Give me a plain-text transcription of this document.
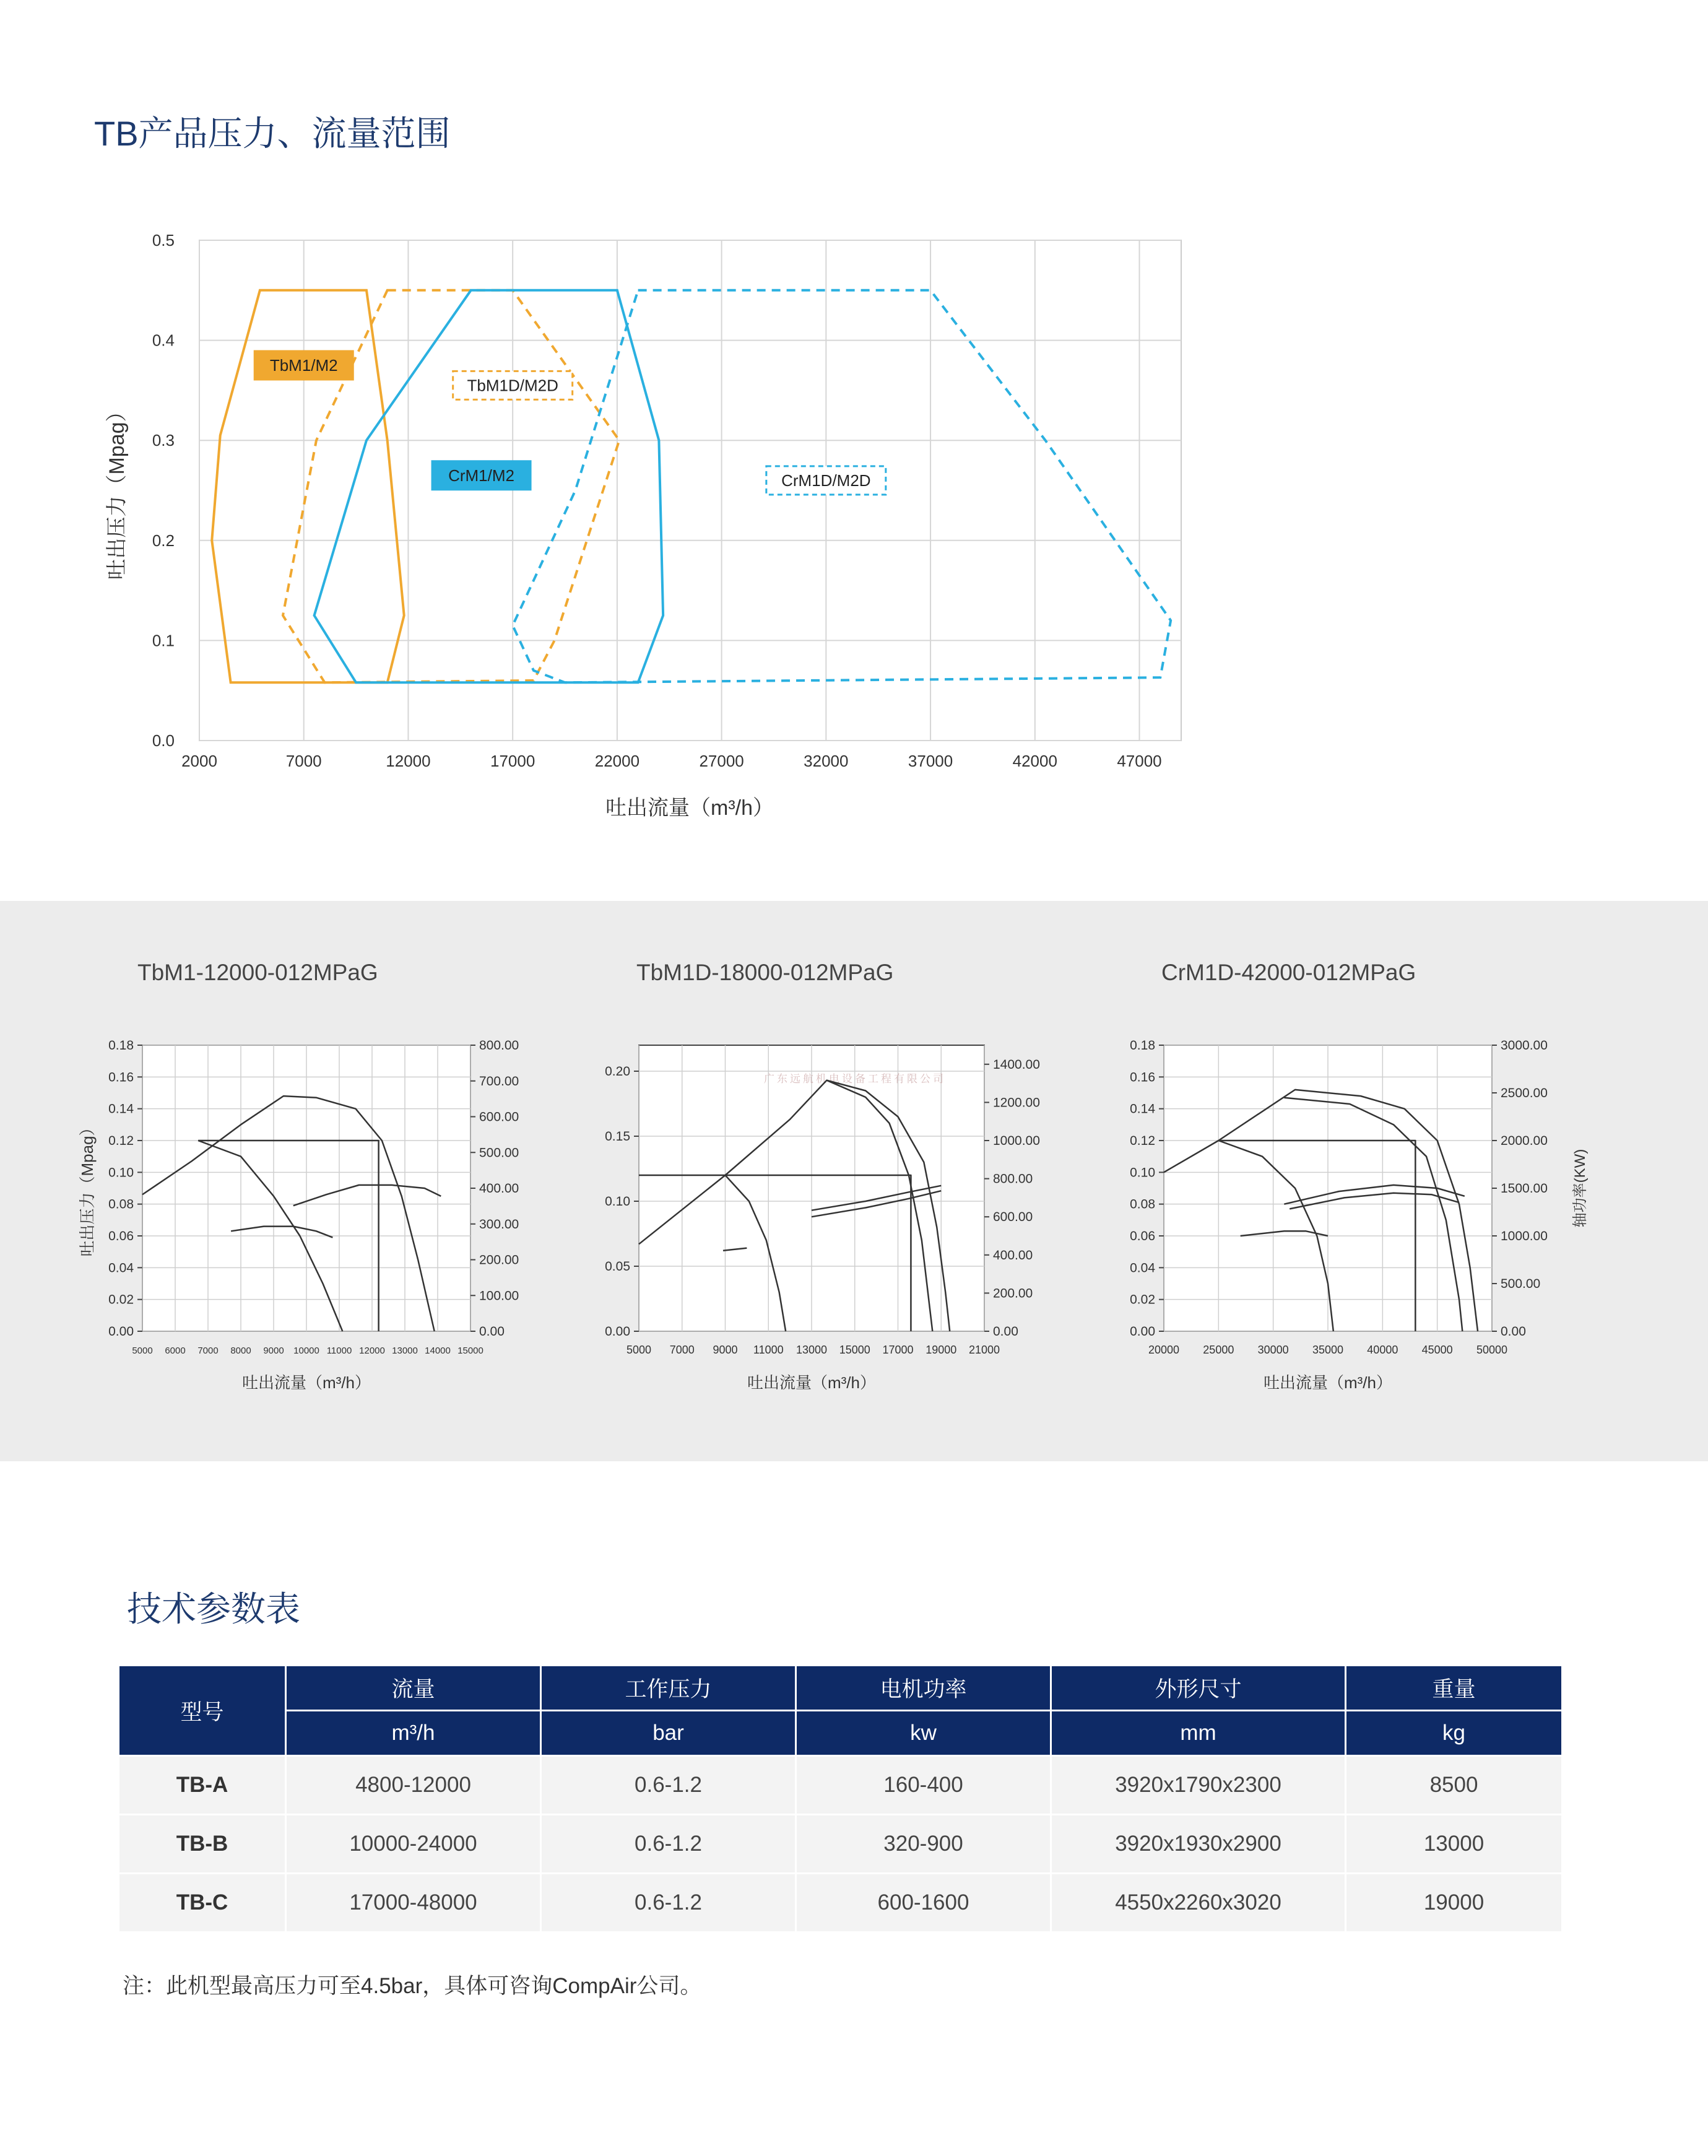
TB产品压力、流量范围
2000	7000	12000	17000	22000	27000	32000	37000	42000	47000
0.0
0.1
0.2
0.3
0.4
0.5
吐出流量（m³/h）
吐出压力（Mpag）
TbM1/M2
TbM1D/M2D
CrM1/M2	CrM1D/M2D
TbM1-12000-012MPaG	TbM1D-18000-012MPaG	CrM1D-42000-012MPaG
5000 6000 7000 8000 9000 10000 11000 12000 13000 14000 15000
0.00
0.02
0.04
0.06
0.08
0.10
0.12
0.14
0.16
0.18
0.00
100.00
200.00
300.00
400.00
500.00
600.00
700.00
800.00
吐出流量（m³/h）
吐出压力（Mpag）
5000 7000 9000 11000 13000 15000 17000 19000 21000
0.00
0.05
0.10
0.15
0.20
0.00
200.00
400.00
600.00
800.00
1000.00
1200.00
1400.00
吐出流量（m³/h）
广东远航机电设备工程有限公司
20000 25000 30000 35000 40000 45000 50000
0.00
0.02
0.04
0.06
0.08
0.10
0.12
0.14
0.16
0.18
0.00
500.00
1000.00
1500.00
2000.00
2500.00
3000.00
吐出流量（m³/h）
轴功率(KW)
技术参数表
型号	流量	工作压力	电机功率	外形尺寸	重量
	m³/h	bar	kw	mm	kg
TB-A	4800-12000	0.6-1.2	160-400	3920x1790x2300	8500
TB-B	10000-24000	0.6-1.2	320-900	3920x1930x2900	13000
TB-C	17000-48000	0.6-1.2	600-1600	4550x2260x3020	19000
注：此机型最高压力可至4.5bar，具体可咨询CompAir公司。
